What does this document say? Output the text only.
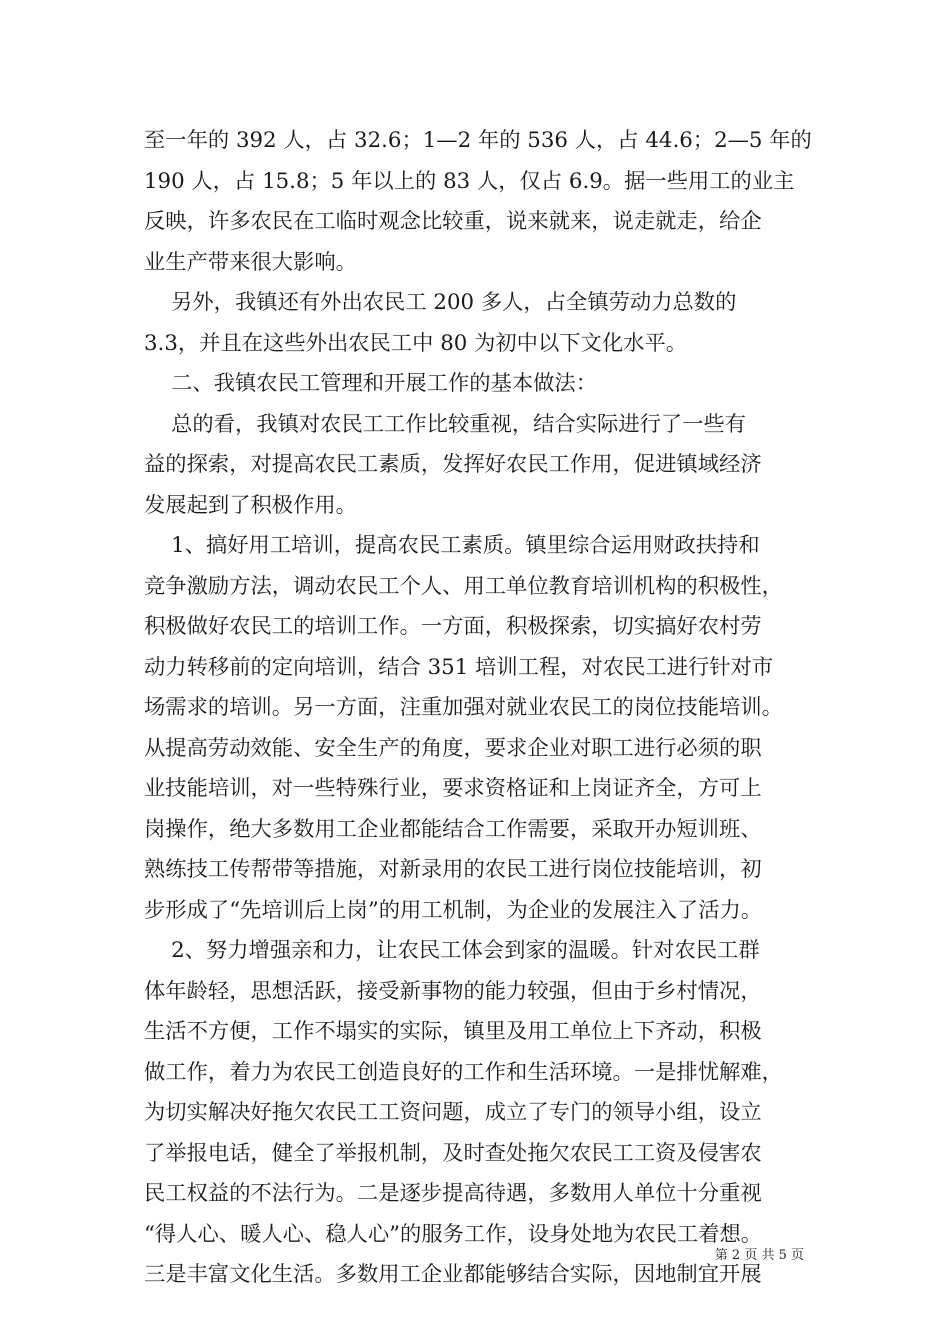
至一年的 392 人，占 32.6；1—2 年的 536 人，占 44.6；2—5 年的
190 人，占 15.8；5 年以上的 83 人，仅占 6.9。据一些用工的业主
反映，许多农民在工临时观念比较重，说来就来，说走就走，给企
业生产带来很大影响。
另外，我镇还有外出农民工 200 多人，占全镇劳动力总数的
3.3，并且在这些外出农民工中 80 为初中以下文化水平。
二、我镇农民工管理和开展工作的基本做法：
总的看，我镇对农民工工作比较重视，结合实际进行了一些有
益的探索，对提高农民工素质，发挥好农民工作用，促进镇域经济
发展起到了积极作用。
1、搞好用工培训，提高农民工素质。镇里综合运用财政扶持和
竞争激励方法，调动农民工个人、用工单位教育培训机构的积极性，
积极做好农民工的培训工作。一方面，积极探索，切实搞好农村劳
动力转移前的定向培训，结合 351 培训工程，对农民工进行针对市
场需求的培训。另一方面，注重加强对就业农民工的岗位技能培训。
从提高劳动效能、安全生产的角度，要求企业对职工进行必须的职
业技能培训，对一些特殊行业，要求资格证和上岗证齐全，方可上
岗操作，绝大多数用工企业都能结合工作需要，采取开办短训班、
熟练技工传帮带等措施，对新录用的农民工进行岗位技能培训，初
步形成了“先培训后上岗”的用工机制，为企业的发展注入了活力。
2、努力增强亲和力，让农民工体会到家的温暖。针对农民工群
体年龄轻，思想活跃，接受新事物的能力较强，但由于乡村情况，
生活不方便，工作不塌实的实际，镇里及用工单位上下齐动，积极
做工作，着力为农民工创造良好的工作和生活环境。一是排忧解难，
为切实解决好拖欠农民工工资问题，成立了专门的领导小组，设立
了举报电话，健全了举报机制，及时查处拖欠农民工工资及侵害农
民工权益的不法行为。二是逐步提高待遇，多数用人单位十分重视
“得人心、暖人心、稳人心”的服务工作，设身处地为农民工着想。
三是丰富文化生活。多数用工企业都能够结合实际，因地制宜开展
第 2 页 共 5 页
